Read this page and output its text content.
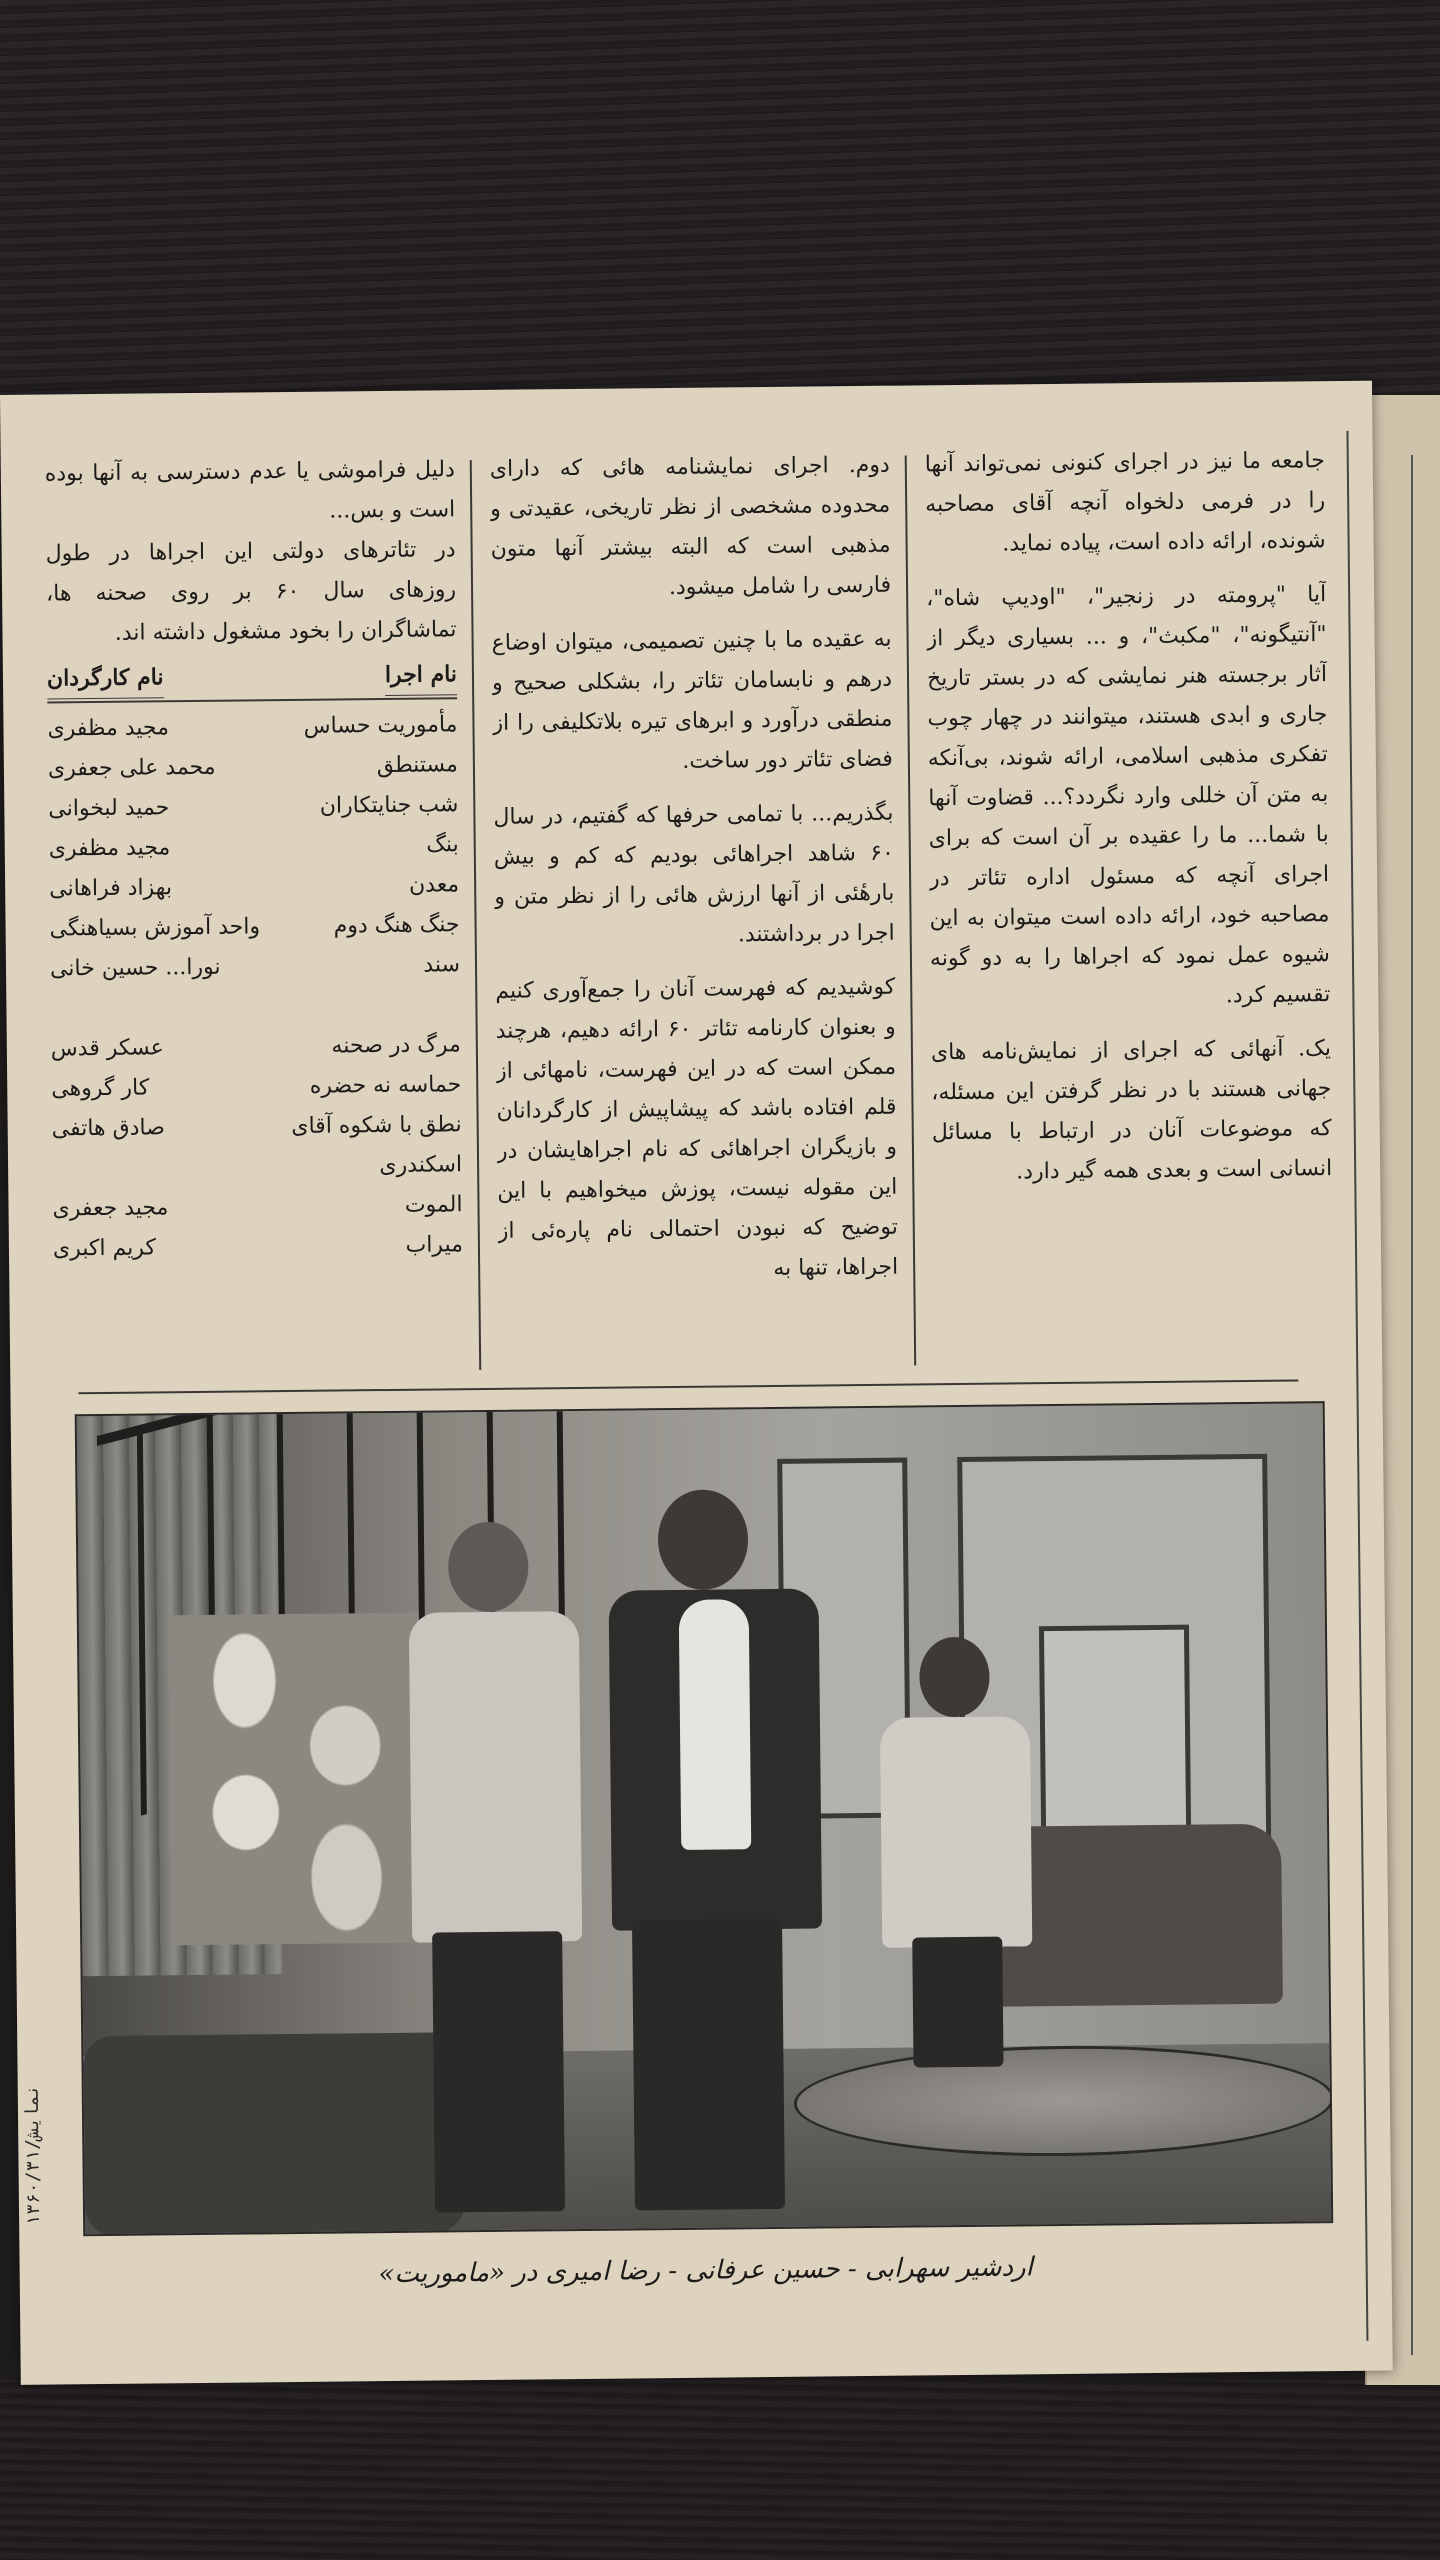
جامعه ما نیز در اجرای کنونی نمی‌تواند آنها را در فرمی دلخواه آنچه آقای مصاحبه شونده، ارائه داده است، پیاده نماید.

آیا "پرومته در زنجیر"، "اودیپ شاه"، "آنتیگونه"، "مکبث"، و ... بسیاری دیگر از آثار برجسته هنر نمایشی که در بستر تاریخ جاری و ابدی هستند، میتوانند در چهار چوب تفکری مذهبی اسلامی، ارائه شوند، بی‌آنکه به متن آن خللی وارد نگردد؟... قضاوت آنها با شما... ما را عقیده بر آن است که برای اجرای آنچه که مسئول اداره تئاتر در مصاحبه خود، ارائه داده است میتوان به این شیوه عمل نمود که اجراها را به دو گونه تقسیم کرد.

یک. آنهائی که اجرای از نمایش‌نامه های جهانی هستند با در نظر گرفتن این مسئله، که موضوعات آنان در ارتباط با مسائل انسانی است و بعدی همه گیر دارد.

دوم. اجرای نمایشنامه هائی که دارای محدوده مشخصی از نظر تاریخی، عقیدتی و مذهبی است که البته بیشتر آنها متون فارسی را شامل میشود.

به عقیده ما با چنین تصمیمی، میتوان اوضاع درهم و نابسامان تئاتر را، بشکلی صحیح و منطقی درآورد و ابرهای تیره بلاتکلیفی را از فضای تئاتر دور ساخت.

بگذریم... با تمامی حرفها که گفتیم، در سال ۶۰ شاهد اجراهائی بودیم که کم و بیش بارهٔئی از آنها ارزش هائی را از نظر متن و اجرا در برداشتند.

کوشیدیم که فهرست آنان را جمع‌آوری کنیم و بعنوان کارنامه تئاتر ۶۰ ارائه دهیم، هرچند ممکن است که در این فهرست، نامهائی از قلم افتاده باشد که پیشاپیش از کارگردانان و بازیگران اجراهائی که نام اجراهایشان در این مقوله نیست، پوزش میخواهیم با این توضیح که نبودن احتمالی نام پاره‌ئی از اجراها، تنها به

دلیل فراموشی یا عدم دسترسی به آنها بوده است و بس...

در تئاترهای دولتی این اجراها در طول روزهای سال ۶۰ بر روی صحنه ها، تماشاگران را بخود مشغول داشته اند.

نام اجرا
نام کارگردان
مأموریت حساس
مجید مظفری
مستنطق
محمد علی جعفری
شب جنایتکاران
حمید لبخوانی
بنگ
مجید مظفری
معدن
بهزاد فراهانی
جنگ هنگ دوم
واحد آموزش بسیاهنگی
سند
نورا... حسین خانی
مرگ در صحنه
عسکر قدس
حماسه نه حضره
کار گروهی
نطق با شکوه آقای
صادق هاتفی
اسکندری
الموت
مجید جعفری
میراب
کریم اکبری
اردشیر سهرابی - حسین عرفانی - رضا امیری در «ماموریت»
نمایش/۱۳۶۰/۳۱
